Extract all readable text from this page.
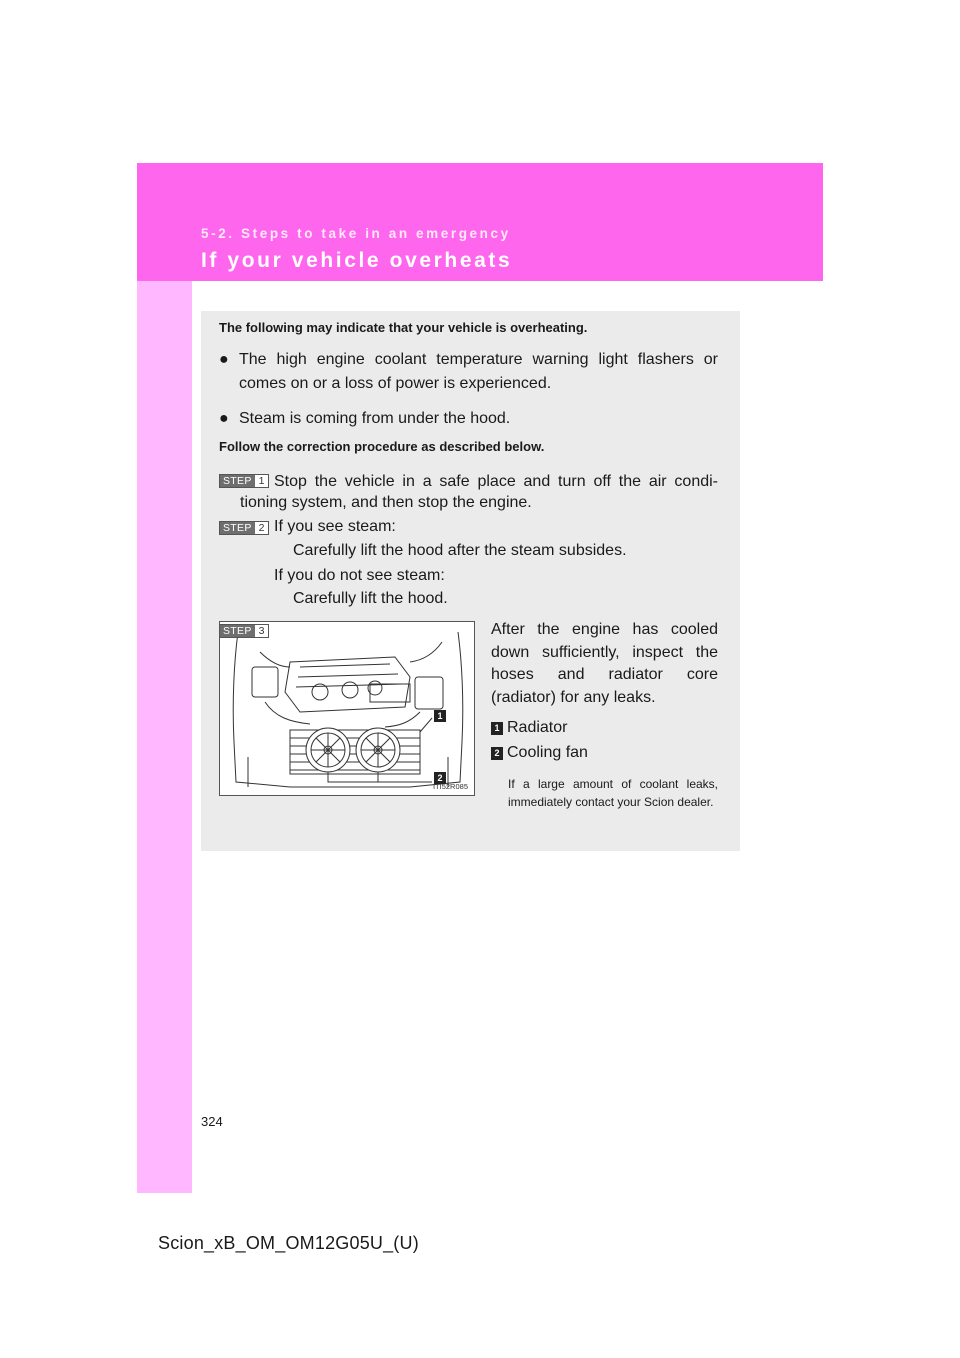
5-2. Steps to take in an emergency
If your vehicle overheats
The following may indicate that your vehicle is overheating.
● The high engine coolant temperature warning light flashers or comes on or a loss of power is experienced.
● Steam is coming from under the hood.
Follow the correction procedure as described below.
STEP 1 Stop the vehicle in a safe place and turn off the air condi-
tioning system, and then stop the engine.
STEP 2 If you see steam:
Carefully lift the hood after the steam subsides.
If you do not see steam:
Carefully lift the hood.
1
2
ITI52R085
STEP 3	After the engine has cooled down sufficiently, inspect the hoses and radiator core (radiator) for any leaks.
1 Radiator
2 Cooling fan
If a large amount of coolant leaks, immediately contact your Scion dealer.
324
Scion_xB_OM_OM12G05U_(U)
